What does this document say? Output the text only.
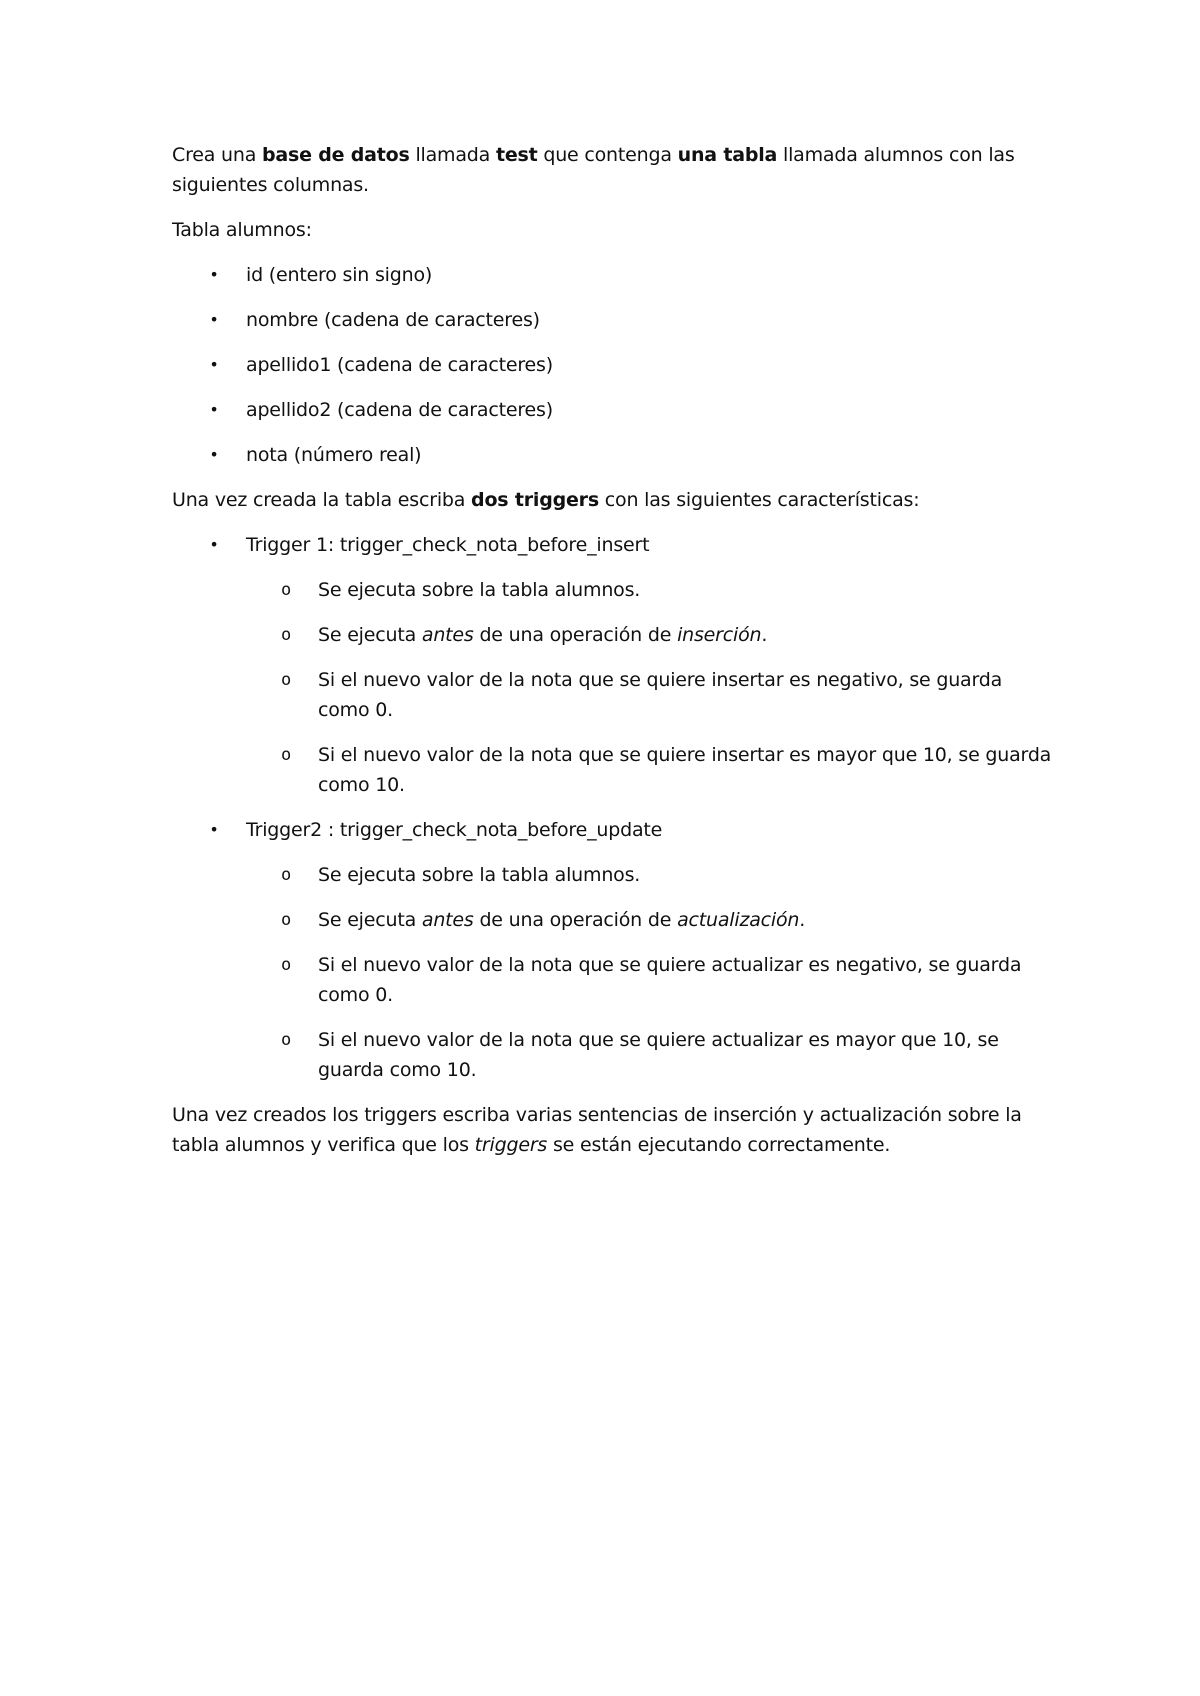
Crea una base de datos llamada test que contenga una tabla llamada alumnos con las siguientes columnas.

Tabla alumnos:

• id (entero sin signo)
• nombre (cadena de caracteres)
• apellido1 (cadena de caracteres)
• apellido2 (cadena de caracteres)
• nota (número real)

Una vez creada la tabla escriba dos triggers con las siguientes características:

• Trigger 1: trigger_check_nota_before_insert
o Se ejecuta sobre la tabla alumnos.
o Se ejecuta antes de una operación de inserción.
o Si el nuevo valor de la nota que se quiere insertar es negativo, se guarda como 0.
o Si el nuevo valor de la nota que se quiere insertar es mayor que 10, se guarda como 10.
• Trigger2 : trigger_check_nota_before_update
o Se ejecuta sobre la tabla alumnos.
o Se ejecuta antes de una operación de actualización.
o Si el nuevo valor de la nota que se quiere actualizar es negativo, se guarda como 0.
o Si el nuevo valor de la nota que se quiere actualizar es mayor que 10, se guarda como 10.

Una vez creados los triggers escriba varias sentencias de inserción y actualización sobre la tabla alumnos y verifica que los triggers se están ejecutando correctamente.
